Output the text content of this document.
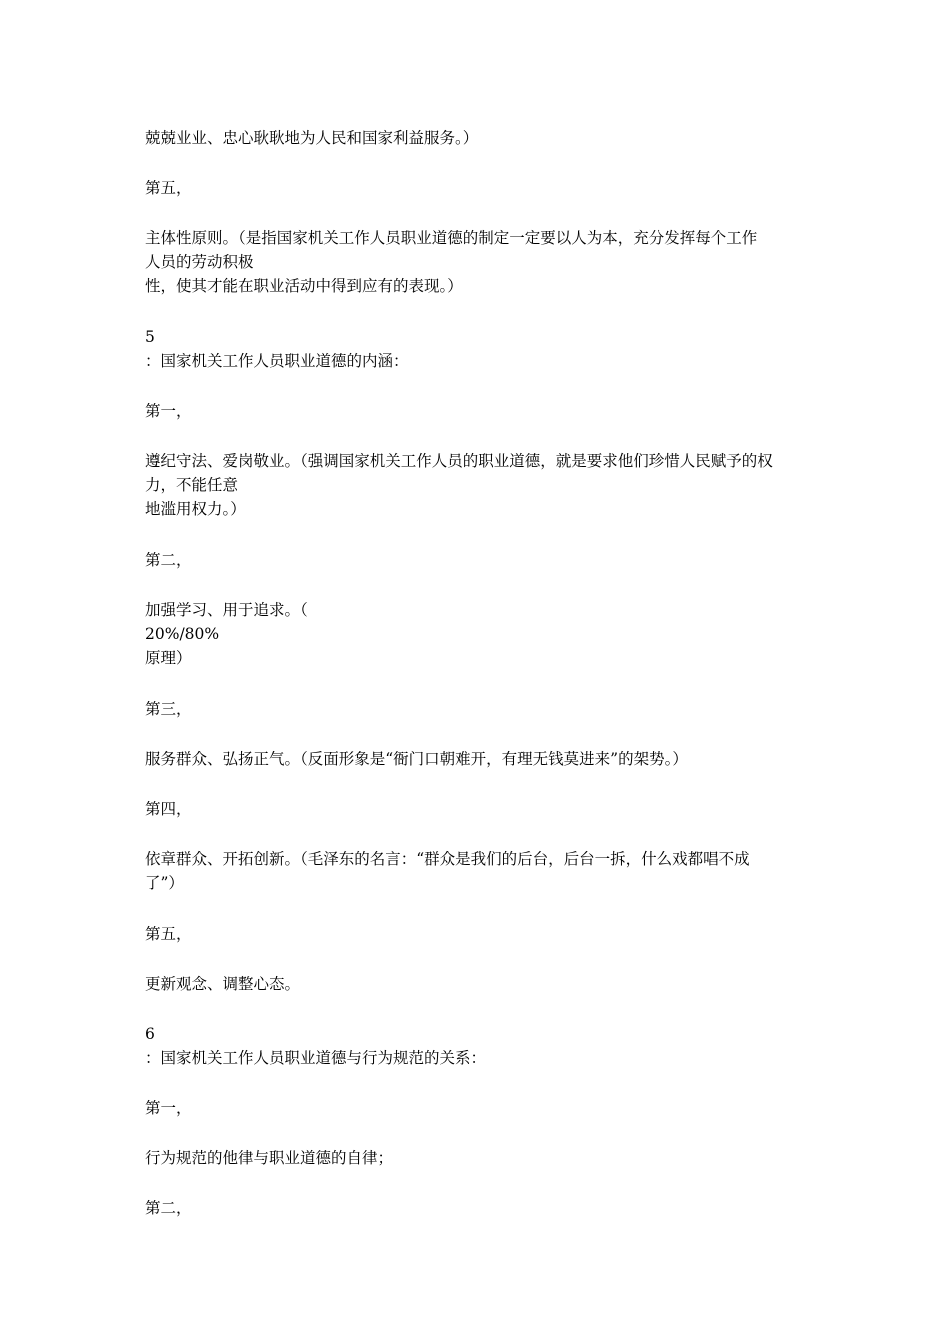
兢兢业业、忠心耿耿地为人民和国家利益服务。）
第五，
主体性原则。（是指国家机关工作人员职业道德的制定一定要以人为本，充分发挥每个工作
人员的劳动积极
性，使其才能在职业活动中得到应有的表现。）
5
：国家机关工作人员职业道德的内涵：
第一，
遵纪守法、爱岗敬业。（强调国家机关工作人员的职业道德，就是要求他们珍惜人民赋予的权
力，不能任意
地滥用权力。）
第二，
加强学习、用于追求。（
20%/80%
原理）
第三，
服务群众、弘扬正气。（反面形象是“衙门口朝难开，有理无钱莫进来”的架势。）
第四，
依章群众、开拓创新。（毛泽东的名言：“群众是我们的后台，后台一拆，什么戏都唱不成
了”）
第五，
更新观念、调整心态。
6
：国家机关工作人员职业道德与行为规范的关系：
第一，
行为规范的他律与职业道德的自律；
第二，
